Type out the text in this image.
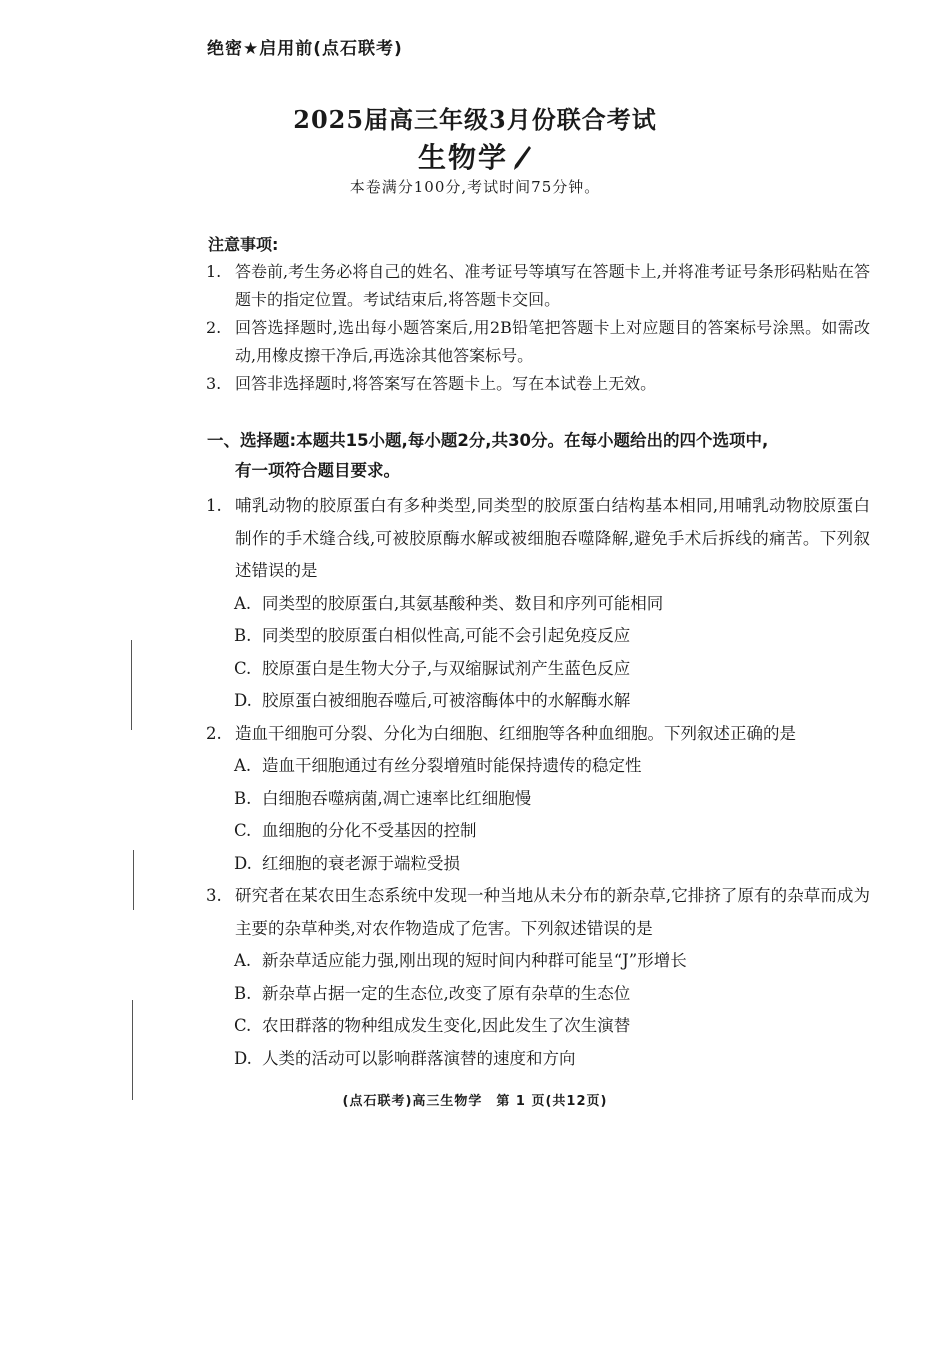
绝密★启用前(点石联考)
2025届高三年级3月份联合考试
生物学
本卷满分100分,考试时间75分钟。
注意事项:
1. 答卷前,考生务必将自己的姓名、准考证号等填写在答题卡上,并将准考证号条形码粘贴在答题卡的指定位置。考试结束后,将答题卡交回。
2. 回答选择题时,选出每小题答案后,用2B铅笔把答题卡上对应题目的答案标号涂黑。如需改动,用橡皮擦干净后,再选涂其他答案标号。
3. 回答非选择题时,将答案写在答题卡上。写在本试卷上无效。
一、选择题:本题共15小题,每小题2分,共30分。在每小题给出的四个选项中,
有一项符合题目要求。
1. 哺乳动物的胶原蛋白有多种类型,同类型的胶原蛋白结构基本相同,用哺乳动物胶原蛋白制作的手术缝合线,可被胶原酶水解或被细胞吞噬降解,避免手术后拆线的痛苦。下列叙述错误的是
A. 同类型的胶原蛋白,其氨基酸种类、数目和序列可能相同
B. 同类型的胶原蛋白相似性高,可能不会引起免疫反应
C. 胶原蛋白是生物大分子,与双缩脲试剂产生蓝色反应
D. 胶原蛋白被细胞吞噬后,可被溶酶体中的水解酶水解
2. 造血干细胞可分裂、分化为白细胞、红细胞等各种血细胞。下列叙述正确的是
A. 造血干细胞通过有丝分裂增殖时能保持遗传的稳定性
B. 白细胞吞噬病菌,凋亡速率比红细胞慢
C. 血细胞的分化不受基因的控制
D. 红细胞的衰老源于端粒受损
3. 研究者在某农田生态系统中发现一种当地从未分布的新杂草,它排挤了原有的杂草而成为主要的杂草种类,对农作物造成了危害。下列叙述错误的是
A. 新杂草适应能力强,刚出现的短时间内种群可能呈“J”形增长
B. 新杂草占据一定的生态位,改变了原有杂草的生态位
C. 农田群落的物种组成发生变化,因此发生了次生演替
D. 人类的活动可以影响群落演替的速度和方向
(点石联考)高三生物学　第 1 页(共12页)
